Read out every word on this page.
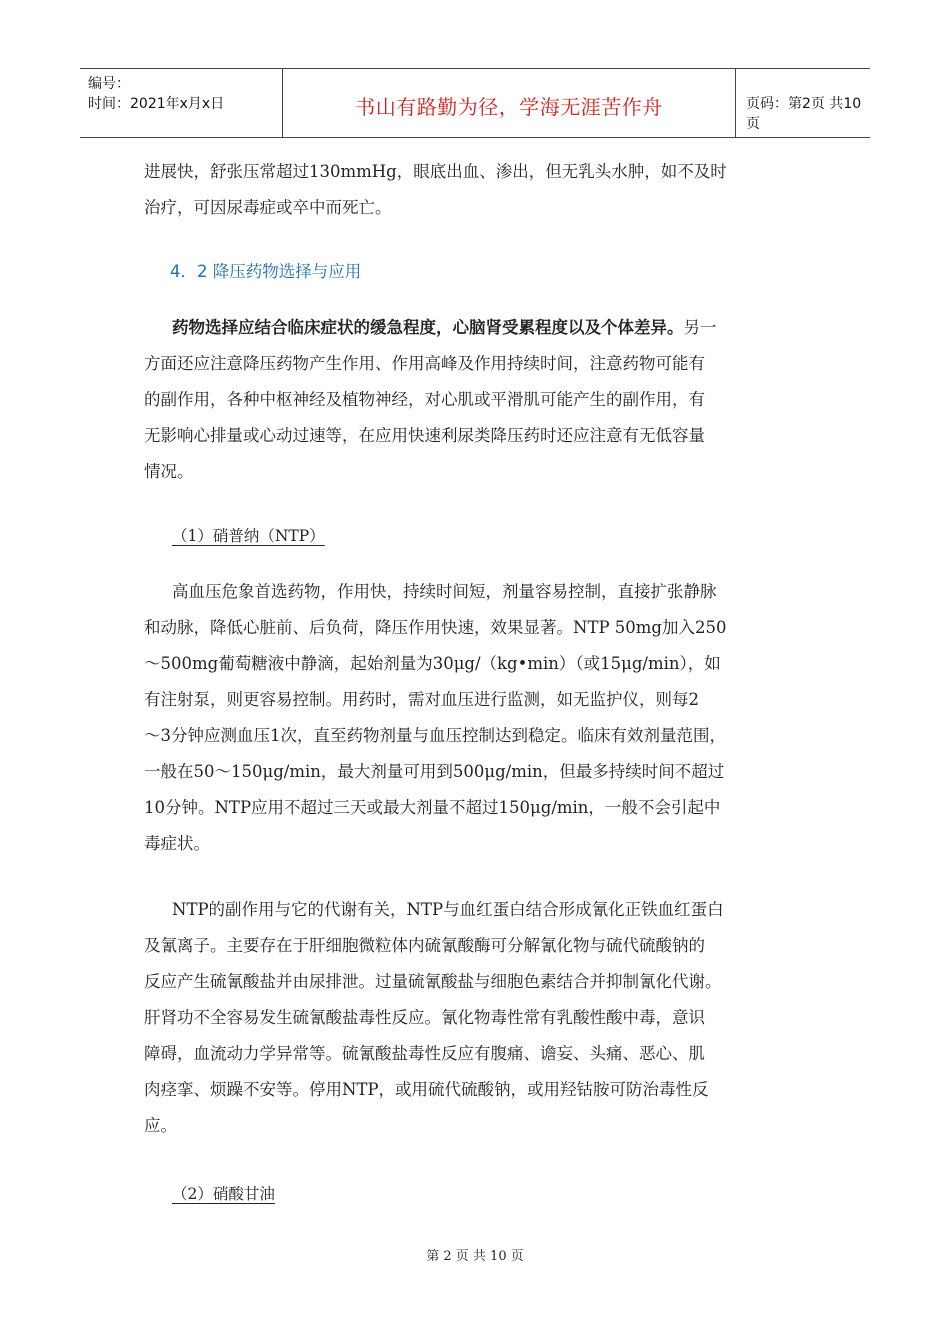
编号：
时间：2021年x月x日	书山有路勤为径，学海无涯苦作舟	页码：第2页 共10页
进展快，舒张压常超过130mmHg，眼底出血、渗出，但无乳头水肿，如不及时
治疗，可因尿毒症或卒中而死亡。
4．2 降压药物选择与应用
药物选择应结合临床症状的缓急程度，心脑肾受累程度以及个体差异。另一
方面还应注意降压药物产生作用、作用高峰及作用持续时间，注意药物可能有
的副作用，各种中枢神经及植物神经，对心肌或平滑肌可能产生的副作用，有
无影响心排量或心动过速等，在应用快速利尿类降压药时还应注意有无低容量
情况。
（1）硝普纳（NTP）
高血压危象首选药物，作用快，持续时间短，剂量容易控制，直接扩张静脉
和动脉，降低心脏前、后负荷，降压作用快速，效果显著。NTP 50mg加入250
～500mg葡萄糖液中静滴，起始剂量为30μg/（kg•min）（或15μg/min），如
有注射泵，则更容易控制。用药时，需对血压进行监测，如无监护仪，则每2
～3分钟应测血压1次，直至药物剂量与血压控制达到稳定。临床有效剂量范围，
一般在50～150μg/min，最大剂量可用到500μg/min，但最多持续时间不超过
10分钟。NTP应用不超过三天或最大剂量不超过150μg/min，一般不会引起中
毒症状。
NTP的副作用与它的代谢有关，NTP与血红蛋白结合形成氰化正铁血红蛋白
及氰离子。主要存在于肝细胞微粒体内硫氰酸酶可分解氰化物与硫代硫酸钠的
反应产生硫氰酸盐并由尿排泄。过量硫氰酸盐与细胞色素结合并抑制氰化代谢。
肝肾功不全容易发生硫氰酸盐毒性反应。氰化物毒性常有乳酸性酸中毒，意识
障碍，血流动力学异常等。硫氰酸盐毒性反应有腹痛、谵妄、头痛、恶心、肌
肉痉挛、烦躁不安等。停用NTP，或用硫代硫酸钠，或用羟钴胺可防治毒性反
应。
（2）硝酸甘油
第 2 页 共 10 页
